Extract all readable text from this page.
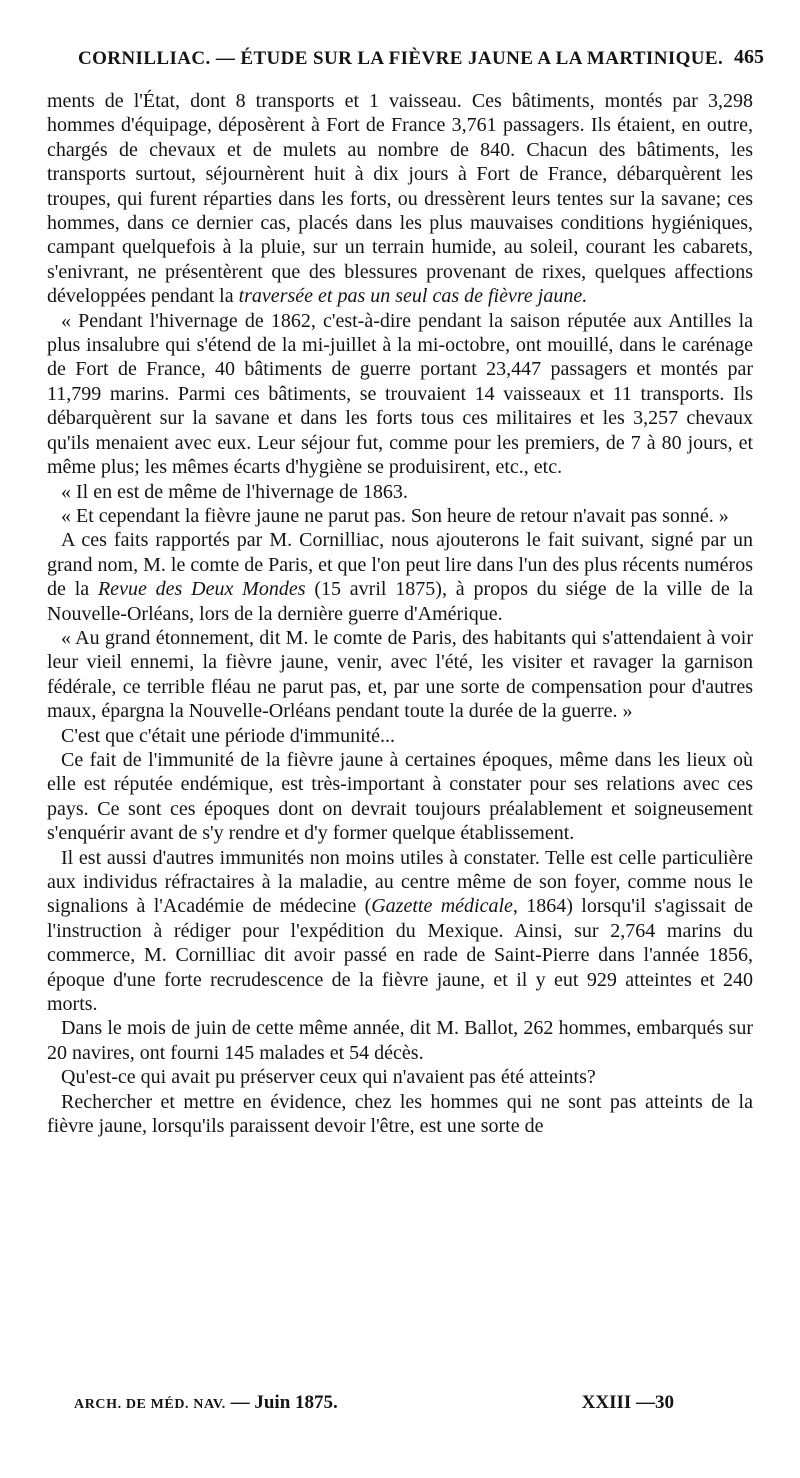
CORNILLIAC. — ÉTUDE SUR LA FIÈVRE JAUNE A LA MARTINIQUE. 465

ments de l'État, dont 8 transports et 1 vaisseau. Ces bâtiments, montés par 3,298 hommes d'équipage, déposèrent à Fort de France 3,761 passagers. Ils étaient, en outre, chargés de chevaux et de mulets au nombre de 840. Chacun des bâtiments, les transports surtout, séjournèrent huit à dix jours à Fort de France, débarquèrent les troupes, qui furent réparties dans les forts, ou dressèrent leurs tentes sur la savane; ces hommes, dans ce dernier cas, placés dans les plus mauvaises conditions hygiéniques, campant quelquefois à la pluie, sur un terrain humide, au soleil, courant les cabarets, s'enivrant, ne présentèrent que des blessures provenant de rixes, quelques affections développées pendant la traversée et pas un seul cas de fièvre jaune.

« Pendant l'hivernage de 1862, c'est-à-dire pendant la saison réputée aux Antilles la plus insalubre qui s'étend de la mi-juillet à la mi-octobre, ont mouillé, dans le carénage de Fort de France, 40 bâtiments de guerre portant 23,447 passagers et montés par 11,799 marins. Parmi ces bâtiments, se trouvaient 14 vaisseaux et 11 transports. Ils débarquèrent sur la savane et dans les forts tous ces militaires et les 3,257 chevaux qu'ils menaient avec eux. Leur séjour fut, comme pour les premiers, de 7 à 80 jours, et même plus; les mêmes écarts d'hygiène se produisirent, etc., etc.

« Il en est de même de l'hivernage de 1863.

« Et cependant la fièvre jaune ne parut pas. Son heure de retour n'avait pas sonné. »

A ces faits rapportés par M. Cornilliac, nous ajouterons le fait suivant, signé par un grand nom, M. le comte de Paris, et que l'on peut lire dans l'un des plus récents numéros de la Revue des Deux Mondes (15 avril 1875), à propos du siége de la ville de la Nouvelle-Orléans, lors de la dernière guerre d'Amérique.

« Au grand étonnement, dit M. le comte de Paris, des habitants qui s'attendaient à voir leur vieil ennemi, la fièvre jaune, venir, avec l'été, les visiter et ravager la garnison fédérale, ce terrible fléau ne parut pas, et, par une sorte de compensation pour d'autres maux, épargna la Nouvelle-Orléans pendant toute la durée de la guerre. »

C'est que c'était une période d'immunité...

Ce fait de l'immunité de la fièvre jaune à certaines époques, même dans les lieux où elle est réputée endémique, est très-important à constater pour ses relations avec ces pays. Ce sont ces époques dont on devrait toujours préalablement et soigneusement s'enquérir avant de s'y rendre et d'y former quelque établissement.

Il est aussi d'autres immunités non moins utiles à constater. Telle est celle particulière aux individus réfractaires à la maladie, au centre même de son foyer, comme nous le signalions à l'Académie de médecine (Gazette médicale, 1864) lorsqu'il s'agissait de l'instruction à rédiger pour l'expédition du Mexique. Ainsi, sur 2,764 marins du commerce, M. Cornilliac dit avoir passé en rade de Saint-Pierre dans l'année 1856, époque d'une forte recrudescence de la fièvre jaune, et il y eut 929 atteintes et 240 morts.

Dans le mois de juin de cette même année, dit M. Ballot, 262 hommes, embarqués sur 20 navires, ont fourni 145 malades et 54 décès.

Qu'est-ce qui avait pu préserver ceux qui n'avaient pas été atteints?

Rechercher et mettre en évidence, chez les hommes qui ne sont pas atteints de la fièvre jaune, lorsqu'ils paraissent devoir l'être, est une sorte de

ARCH. DE MÉD. NAV. — Juin 1875.	XXIII —30
